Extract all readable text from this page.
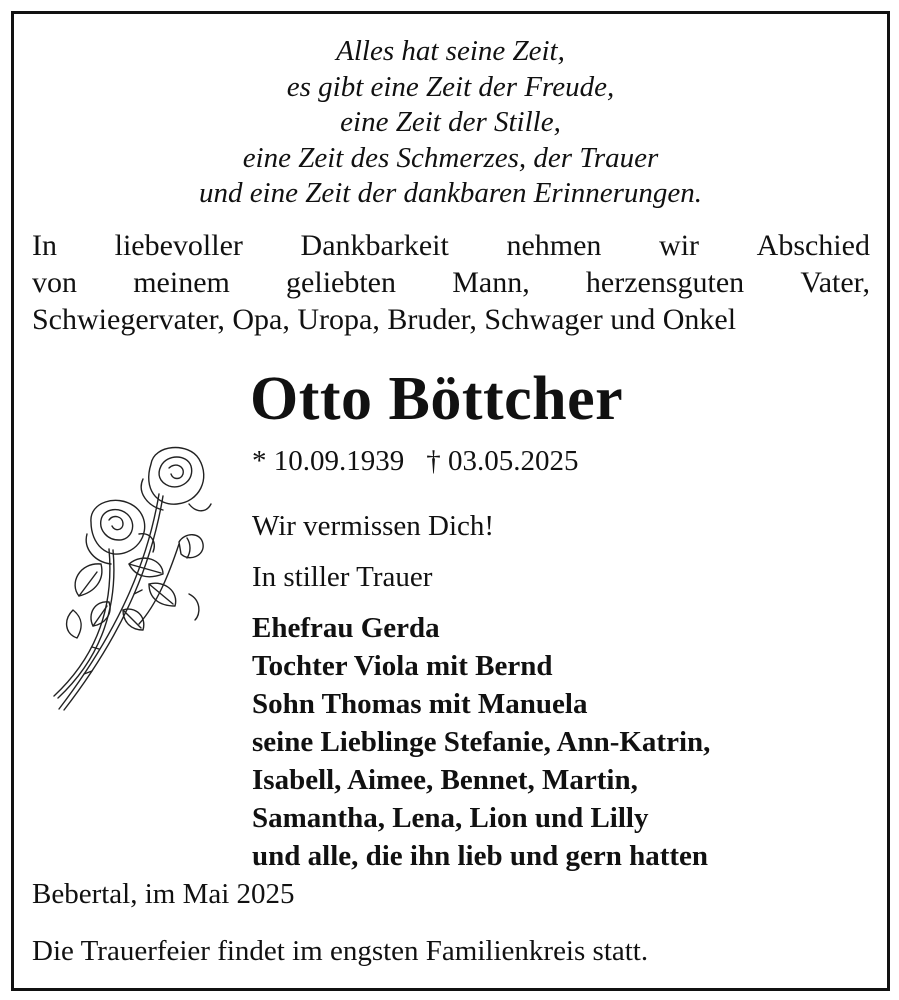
Alles hat seine Zeit,
es gibt eine Zeit der Freude,
eine Zeit der Stille,
eine Zeit des Schmerzes, der Trauer
und eine Zeit der dankbaren Erinnerungen.
In liebevoller Dankbarkeit nehmen wir Abschied
von meinem geliebten Mann, herzensguten Vater,
Schwiegervater, Opa, Uropa, Bruder, Schwager und Onkel
Otto Böttcher
* 10.09.1939 † 03.05.2025
Wir vermissen Dich!
In stiller Trauer
Ehefrau Gerda
Tochter Viola mit Bernd
Sohn Thomas mit Manuela
seine Lieblinge Stefanie, Ann-Katrin,
Isabell, Aimee, Bennet, Martin,
Samantha, Lena, Lion und Lilly
und alle, die ihn lieb und gern hatten
Bebertal, im Mai 2025
Die Trauerfeier findet im engsten Familienkreis statt.
